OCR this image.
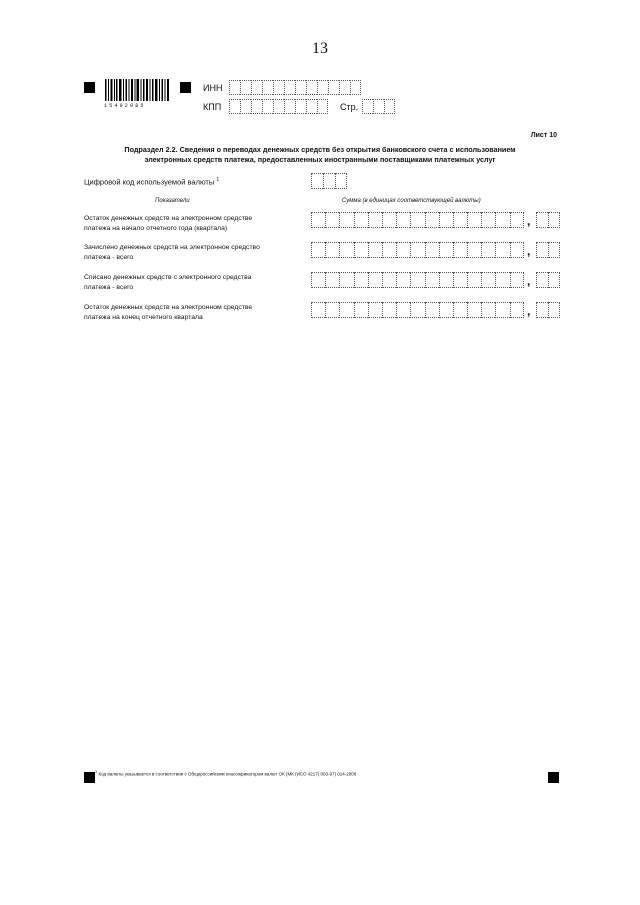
13
15402085
ИНН
КПП	Стр.
Лист 10
Подраздел 2.2. Сведения о переводах денежных средств без открытия банковского счета с использованием
электронных средств платежа, предоставленных иностранными поставщиками платежных услуг
Цифровой код используемой валюты $^1$
Показатели	Сумма (в единицах соответствующей валюты)
Остаток денежных средств на электронном средстве
платежа на начало отчетного года (квартала)	,
Зачислено денежных средств на электронное средство
платежа - всего	,
Списано денежных средств с электронного средства
платежа - всего	,
Остаток денежных средств на электронном средстве
платежа на конец отчетного квартала	,
$^1$ Код валюты указывается в соответствии с Общероссийским классификатором валют ОК (МК (ИСО 4217) 003-97) 014-2000
